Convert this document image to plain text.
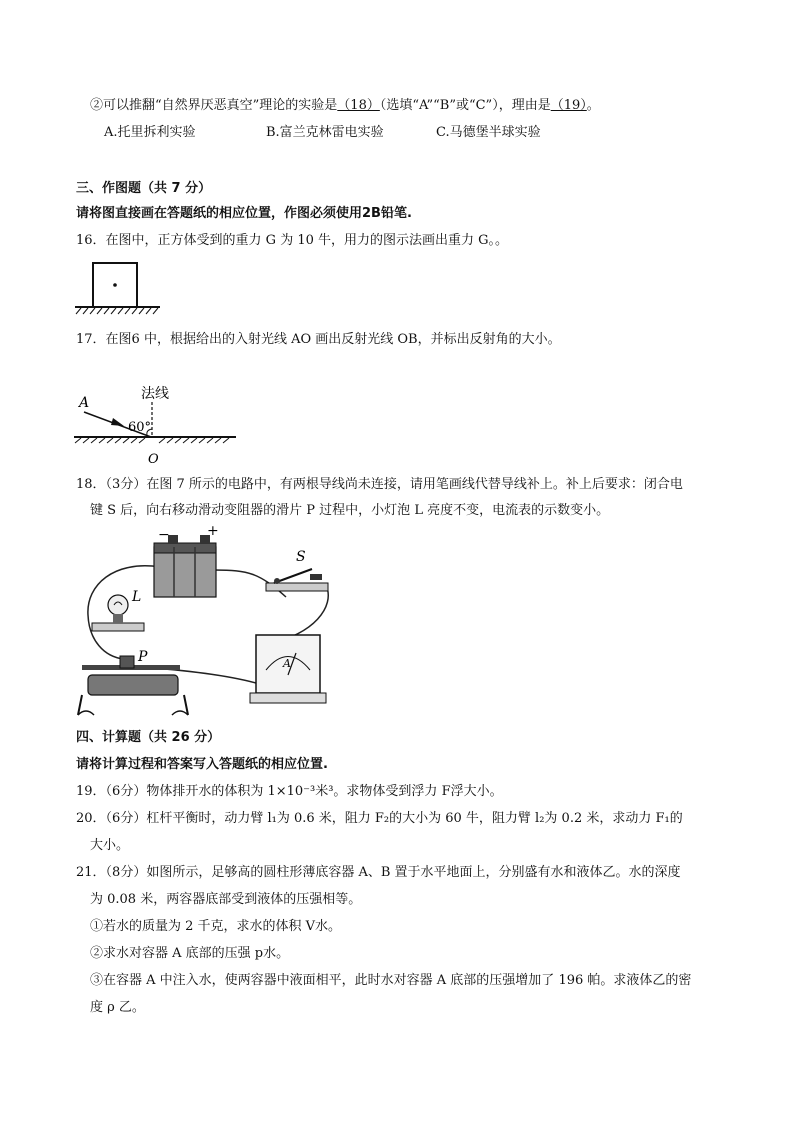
②可以推翻“自然界厌恶真空”理论的实验是（18）（选填“A”“B”或“C”），理由是（19）。
A.托里拆利实验	B.富兰克林雷电实验	C.马德堡半球实验
三、作图题（共 7 分）
请将图直接画在答题纸的相应位置，作图必须使用2B铅笔.
16．在图中，正方体受到的重力 G 为 10 牛，用力的图示法画出重力 G。。
17．在图6 中，根据给出的入射光线 AO 画出反射光线 OB，并标出反射角的大小。
法线
A
60°
O
18．（3分）在图 7 所示的电路中，有两根导线尚未连接，请用笔画线代替导线补上。补上后要求：闭合电
键 S 后，向右移动滑动变阻器的滑片 P 过程中，小灯泡 L 亮度不变，电流表的示数变小。
−	+
S
L
P	A
四、计算题（共 26 分）
请将计算过程和答案写入答题纸的相应位置.
19．（6分）物体排开水的体积为 1×10⁻³米³。求物体受到浮力 F浮大小。
20．（6分）杠杆平衡时，动力臂 l₁为 0.6 米，阻力 F₂的大小为 60 牛，阻力臂 l₂为 0.2 米，求动力 F₁的
大小。
21．（8分）如图所示，足够高的圆柱形薄底容器 A、B 置于水平地面上，分别盛有水和液体乙。水的深度
为 0.08 米，两容器底部受到液体的压强相等。
①若水的质量为 2 千克，求水的体积 V水。
②求水对容器 A 底部的压强 p水。
③在容器 A 中注入水，使两容器中液面相平，此时水对容器 A 底部的压强增加了 196 帕。求液体乙的密
度 ρ 乙。
